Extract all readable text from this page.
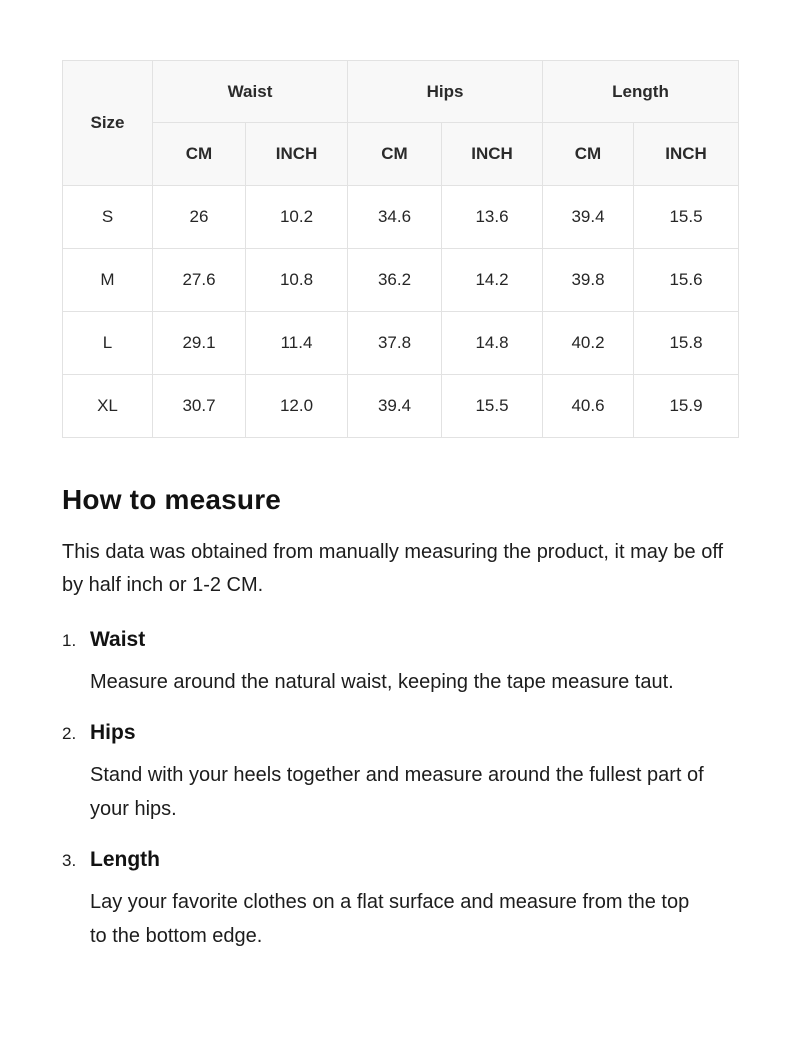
Size	Waist		Hips		Length	
	CM	INCH	CM	INCH	CM	INCH
S	26	10.2	34.6	13.6	39.4	15.5
M	27.6	10.8	36.2	14.2	39.8	15.6
L	29.1	11.4	37.8	14.8	40.2	15.8
XL	30.7	12.0	39.4	15.5	40.6	15.9
How to measure

This data was obtained from manually measuring the product, it may be off by half inch or 1-2 CM.

1. Waist

Measure around the natural waist, keeping the tape measure taut.

2. Hips

Stand with your heels together and measure around the fullest part of your hips.

3. Length

Lay your favorite clothes on a flat surface and measure from the top to the bottom edge.
